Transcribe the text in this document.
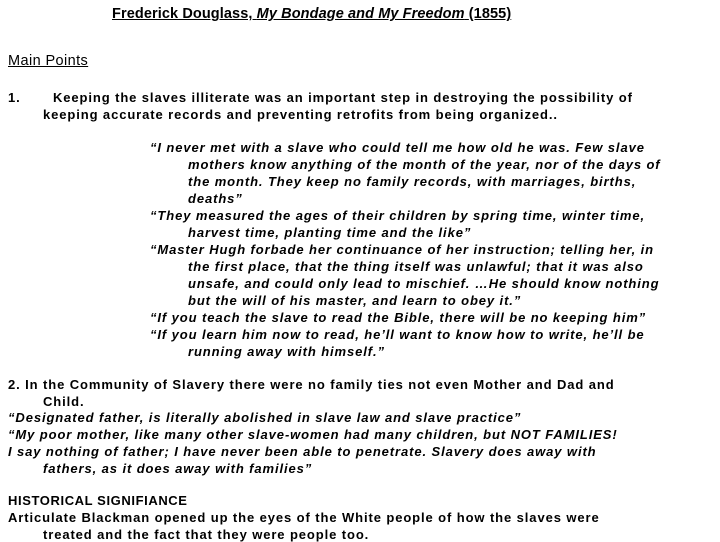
Frederick Douglass, My Bondage and My Freedom (1855)
Main Points
1. Keeping the slaves illiterate was an important step in destroying the possibility of
keeping accurate records and preventing retrofits from being organized..
“I never met with a slave who could tell me how old he was. Few slave
mothers know anything of the month of the year, nor of the days of
the month. They keep no family records, with marriages, births,
deaths”
“They measured the ages of their children by spring time, winter time,
harvest time, planting time and the like”
“Master Hugh forbade her continuance of her instruction; telling her, in
the first place, that the thing itself was unlawful; that it was also
unsafe, and could only lead to mischief. …He should know nothing
but the will of his master, and learn to obey it.”
“If you teach the slave to read the Bible, there will be no keeping him”
“If you learn him now to read, he’ll want to know how to write, he’ll be
running away with himself.”
2. In the Community of Slavery there were no family ties not even Mother and Dad and
Child.
“Designated father, is literally abolished in slave law and slave practice”
“My poor mother, like many other slave-women had many children, but NOT FAMILIES!
I say nothing of father; I have never been able to penetrate. Slavery does away with
fathers, as it does away with families”
HISTORICAL SIGNIFIANCE
Articulate Blackman opened up the eyes of the White people of how the slaves were
treated and the fact that they were people too.
